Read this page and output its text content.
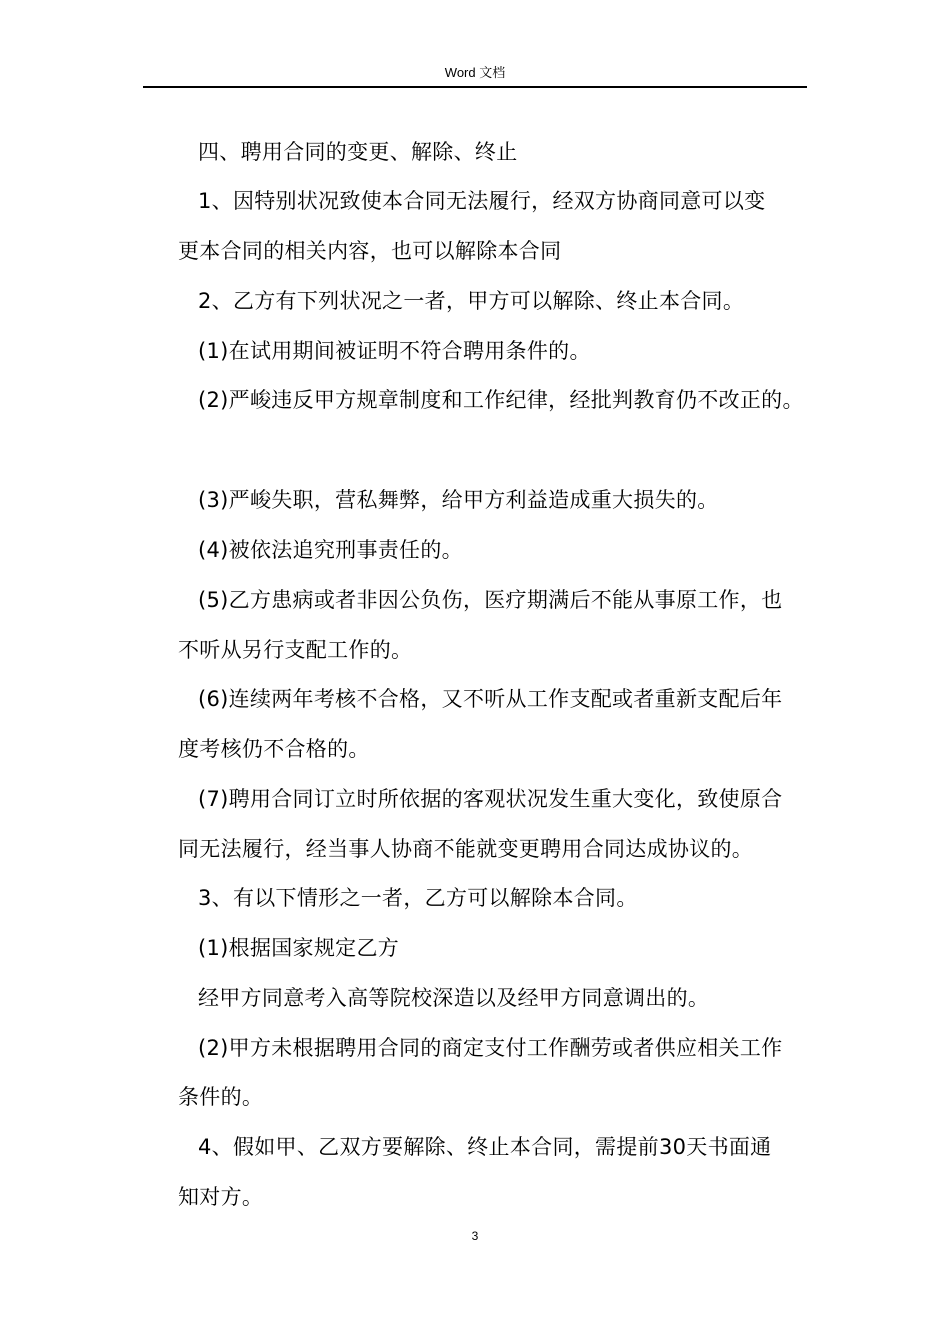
Word 文档
四、聘用合同的变更、解除、终止
1、因特别状况致使本合同无法履行，经双方协商同意可以变
更本合同的相关内容，也可以解除本合同
2、乙方有下列状况之一者，甲方可以解除、终止本合同。
(1)在试用期间被证明不符合聘用条件的。
(2)严峻违反甲方规章制度和工作纪律，经批判教育仍不改正的。
(3)严峻失职，营私舞弊，给甲方利益造成重大损失的。
(4)被依法追究刑事责任的。
(5)乙方患病或者非因公负伤，医疗期满后不能从事原工作，也
不听从另行支配工作的。
(6)连续两年考核不合格，又不听从工作支配或者重新支配后年
度考核仍不合格的。
(7)聘用合同订立时所依据的客观状况发生重大变化，致使原合
同无法履行，经当事人协商不能就变更聘用合同达成协议的。
3、有以下情形之一者，乙方可以解除本合同。
(1)根据国家规定乙方
经甲方同意考入高等院校深造以及经甲方同意调出的。
(2)甲方未根据聘用合同的商定支付工作酬劳或者供应相关工作
条件的。
4、假如甲、乙双方要解除、终止本合同，需提前30天书面通
知对方。
3
